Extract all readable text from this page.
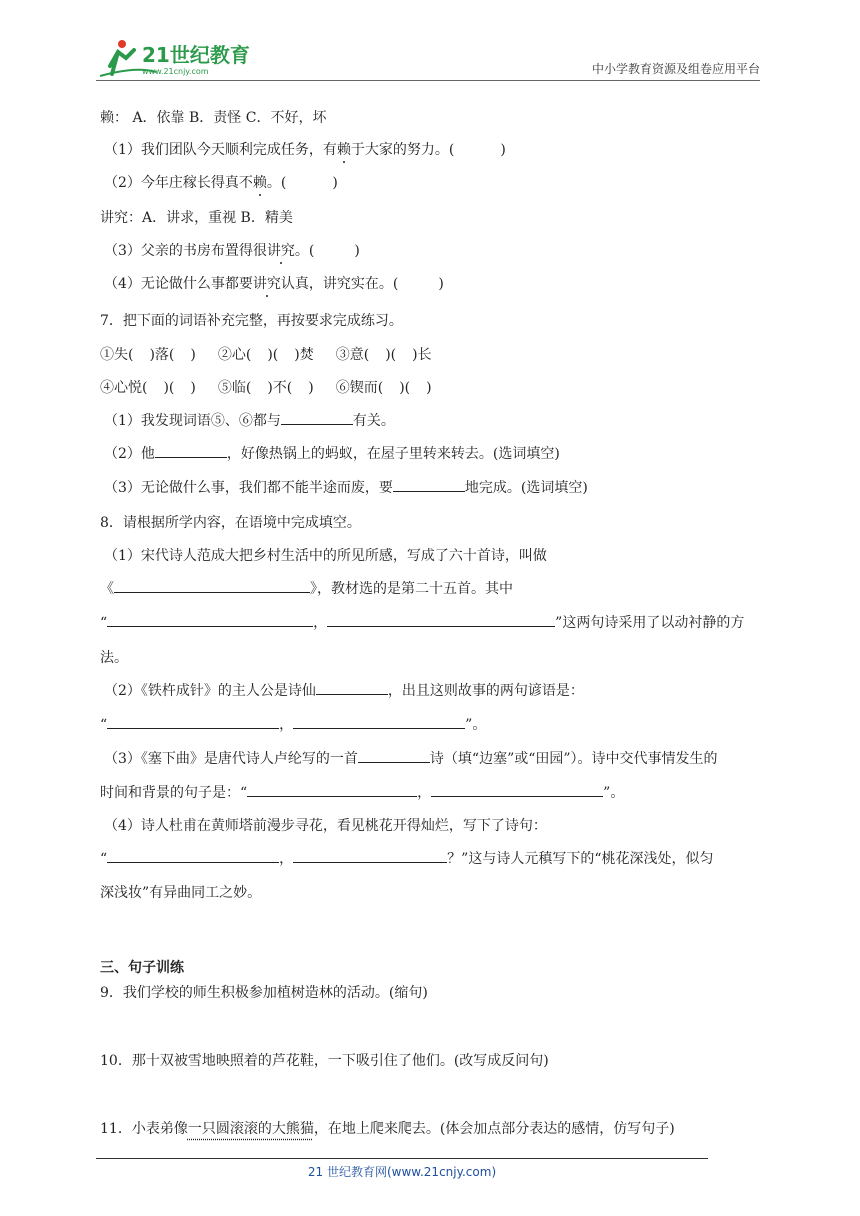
21世纪教育
www.21cnjy.com	中小学教育资源及组卷应用平台
赖： A．依靠 B．责怪 C．不好，坏
（1）我们团队今天顺利完成任务，有赖于大家的努力。(	)
（2）今年庄稼长得真不赖。(	)
讲究：A．讲求，重视 B．精美
（3）父亲的书房布置得很讲究。(	)
（4）无论做什么事都要讲究认真，讲究实在。(	)
7．把下面的词语补充完整，再按要求完成练习。
①失( )落( ) ②心( )( )焚 ③意( )( )长
④心悦( )( ) ⑤临( )不( ) ⑥锲而( )( )
（1）我发现词语⑤、⑥都与	有关。
（2）他	，好像热锅上的蚂蚁，在屋子里转来转去。(选词填空)
（3）无论做什么事，我们都不能半途而废，要	地完成。(选词填空)
8．请根据所学内容，在语境中完成填空。
（1）宋代诗人范成大把乡村生活中的所见所感，写成了六十首诗，叫做
《	》，教材选的是第二十五首。其中
“	，	”这两句诗采用了以动衬静的方
法。
（2）《铁杵成针》的主人公是诗仙	，出且这则故事的两句谚语是：
“	，	”。
（3）《塞下曲》是唐代诗人卢纶写的一首	诗（填“边塞”或“田园”）。诗中交代事情发生的
时间和背景的句子是：“	，	”。
（4）诗人杜甫在黄师塔前漫步寻花，看见桃花开得灿烂，写下了诗句：
“	，	？”这与诗人元稹写下的“桃花深浅处，似匀
深浅妆”有异曲同工之妙。
三、句子训练
9．我们学校的师生积极参加植树造林的活动。(缩句)
10．那十双被雪地映照着的芦花鞋，一下吸引住了他们。(改写成反问句)
11．小表弟像一只圆滚滚的大熊猫，在地上爬来爬去。(体会加点部分表达的感情，仿写句子)
21 世纪教育网(www.21cnjy.com)
